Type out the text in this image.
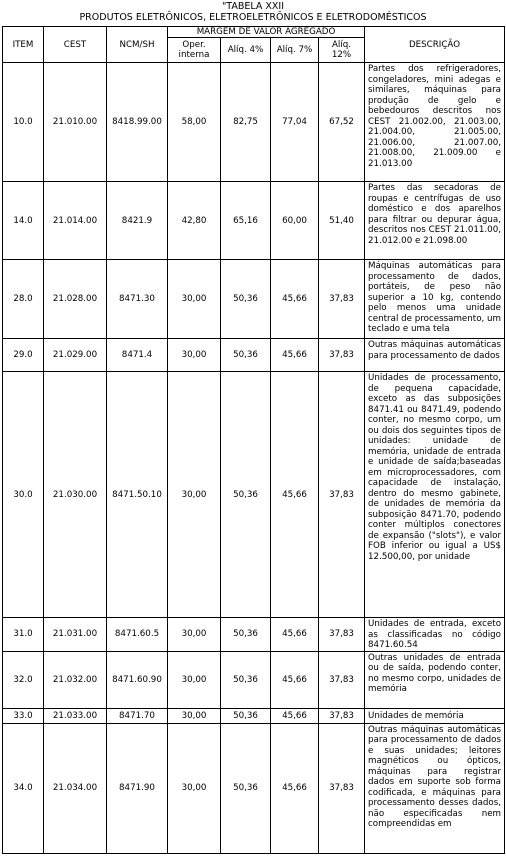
"TABELA XXII
PRODUTOS ELETRÔNICOS, ELETROELETRÔNICOS E ELETRODOMÉSTICOS
ITEM	CEST	NCM/SH	MARGEM DE VALOR AGREGADO				DESCRIÇÃO
			Oper. interna	Alíq. 4%	Alíq. 7%	Alíq. 12%	
10.0	21.010.00	8418.99.00	58,00	82,75	77,04	67,52	Partes dos refrigeradores, congeladores, mini adegas e similares, máquinas para produção de gelo e bebedouros descritos nos CEST 21.002.00, 21.003.00, 21.004.00, 21.005.00, 21.006.00, 21.007.00, 21.008.00, 21.009.00 e 21.013.00
14.0	21.014.00	8421.9	42,80	65,16	60,00	51,40	Partes das secadoras de roupas e centrífugas de uso doméstico e dos aparelhos para filtrar ou depurar água, descritos nos CEST 21.011.00, 21.012.00 e 21.098.00
28.0	21.028.00	8471.30	30,00	50,36	45,66	37,83	Máquinas automáticas para processamento de dados, portáteis, de peso não superior a 10 kg, contendo pelo menos uma unidade central de processamento, um teclado e uma tela
29.0	21.029.00	8471.4	30,00	50,36	45,66	37,83	Outras máquinas automáticas para processamento de dados
30.0	21.030.00	8471.50.10	30,00	50,36	45,66	37,83	Unidades de processamento, de pequena capacidade, exceto as das subposições 8471.41 ou 8471.49, podendo conter, no mesmo corpo, um ou dois dos seguintes tipos de unidades: unidade de memória, unidade de entrada e unidade de saída;baseadas em microprocessadores, com capacidade de instalação, dentro do mesmo gabinete, de unidades de memória da subposição 8471.70, podendo conter múltiplos conectores de expansão ("slots"), e valor FOB inferior ou igual a US$ 12.500,00, por unidade
31.0	21.031.00	8471.60.5	30,00	50,36	45,66	37,83	Unidades de entrada, exceto as classificadas no código 8471.60.54
32.0	21.032.00	8471.60.90	30,00	50,36	45,66	37,83	Outras unidades de entrada ou de saída, podendo conter, no mesmo corpo, unidades de memória
33.0	21.033.00	8471.70	30,00	50,36	45,66	37,83	Unidades de memória
34.0	21.034.00	8471.90	30,00	50,36	45,66	37,83	Outras máquinas automáticas para processamento de dados e suas unidades; leitores magnéticos ou ópticos, máquinas para registrar dados em suporte sob forma codificada, e máquinas para processamento desses dados, não especificadas nem compreendidas em
